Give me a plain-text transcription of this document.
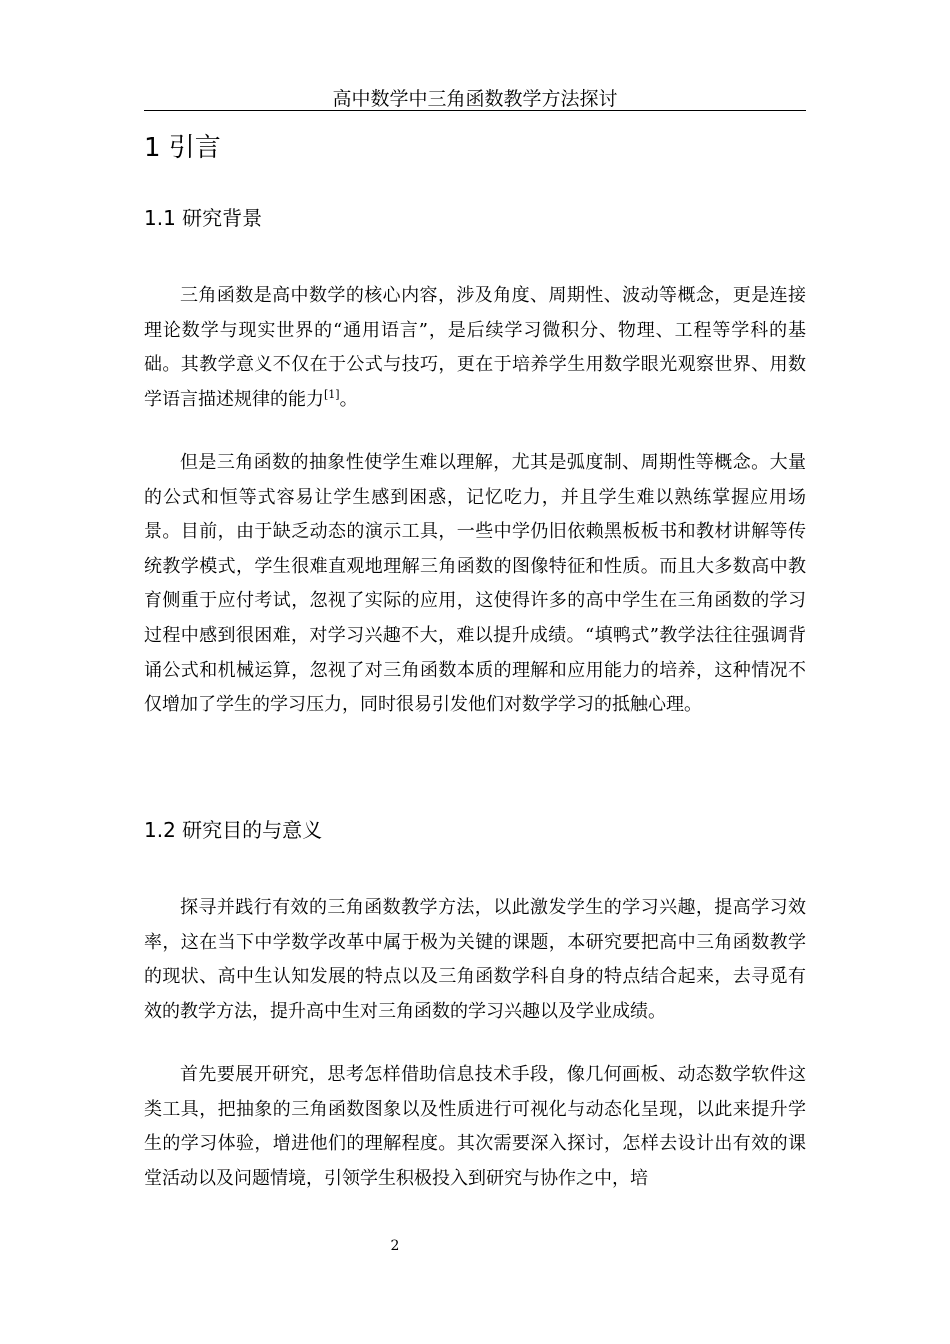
高中数学中三角函数教学方法探讨
1 引言
1.1 研究背景

三角函数是高中数学的核心内容，涉及角度、周期性、波动等概念，更是连接理论数学与现实世界的“通用语言”，是后续学习微积分、物理、工程等学科的基础。其教学意义不仅在于公式与技巧，更在于培养学生用数学眼光观察世界、用数学语言描述规律的能力[1]。

但是三角函数的抽象性使学生难以理解，尤其是弧度制、周期性等概念。大量的公式和恒等式容易让学生感到困惑，记忆吃力，并且学生难以熟练掌握应用场景。目前，由于缺乏动态的演示工具，一些中学仍旧依赖黑板板书和教材讲解等传统教学模式，学生很难直观地理解三角函数的图像特征和性质。而且大多数高中教育侧重于应付考试，忽视了实际的应用，这使得许多的高中学生在三角函数的学习过程中感到很困难，对学习兴趣不大，难以提升成绩。“填鸭式”教学法往往强调背诵公式和机械运算，忽视了对三角函数本质的理解和应用能力的培养，这种情况不仅增加了学生的学习压力，同时很易引发他们对数学学习的抵触心理。

1.2 研究目的与意义

探寻并践行有效的三角函数教学方法，以此激发学生的学习兴趣，提高学习效率，这在当下中学数学改革中属于极为关键的课题，本研究要把高中三角函数教学的现状、高中生认知发展的特点以及三角函数学科自身的特点结合起来，去寻觅有效的教学方法，提升高中生对三角函数的学习兴趣以及学业成绩。

首先要展开研究，思考怎样借助信息技术手段，像几何画板、动态数学软件这类工具，把抽象的三角函数图象以及性质进行可视化与动态化呈现，以此来提升学生的学习体验，增进他们的理解程度。其次需要深入探讨，怎样去设计出有效的课堂活动以及问题情境，引领学生积极投入到研究与协作之中，培

2
